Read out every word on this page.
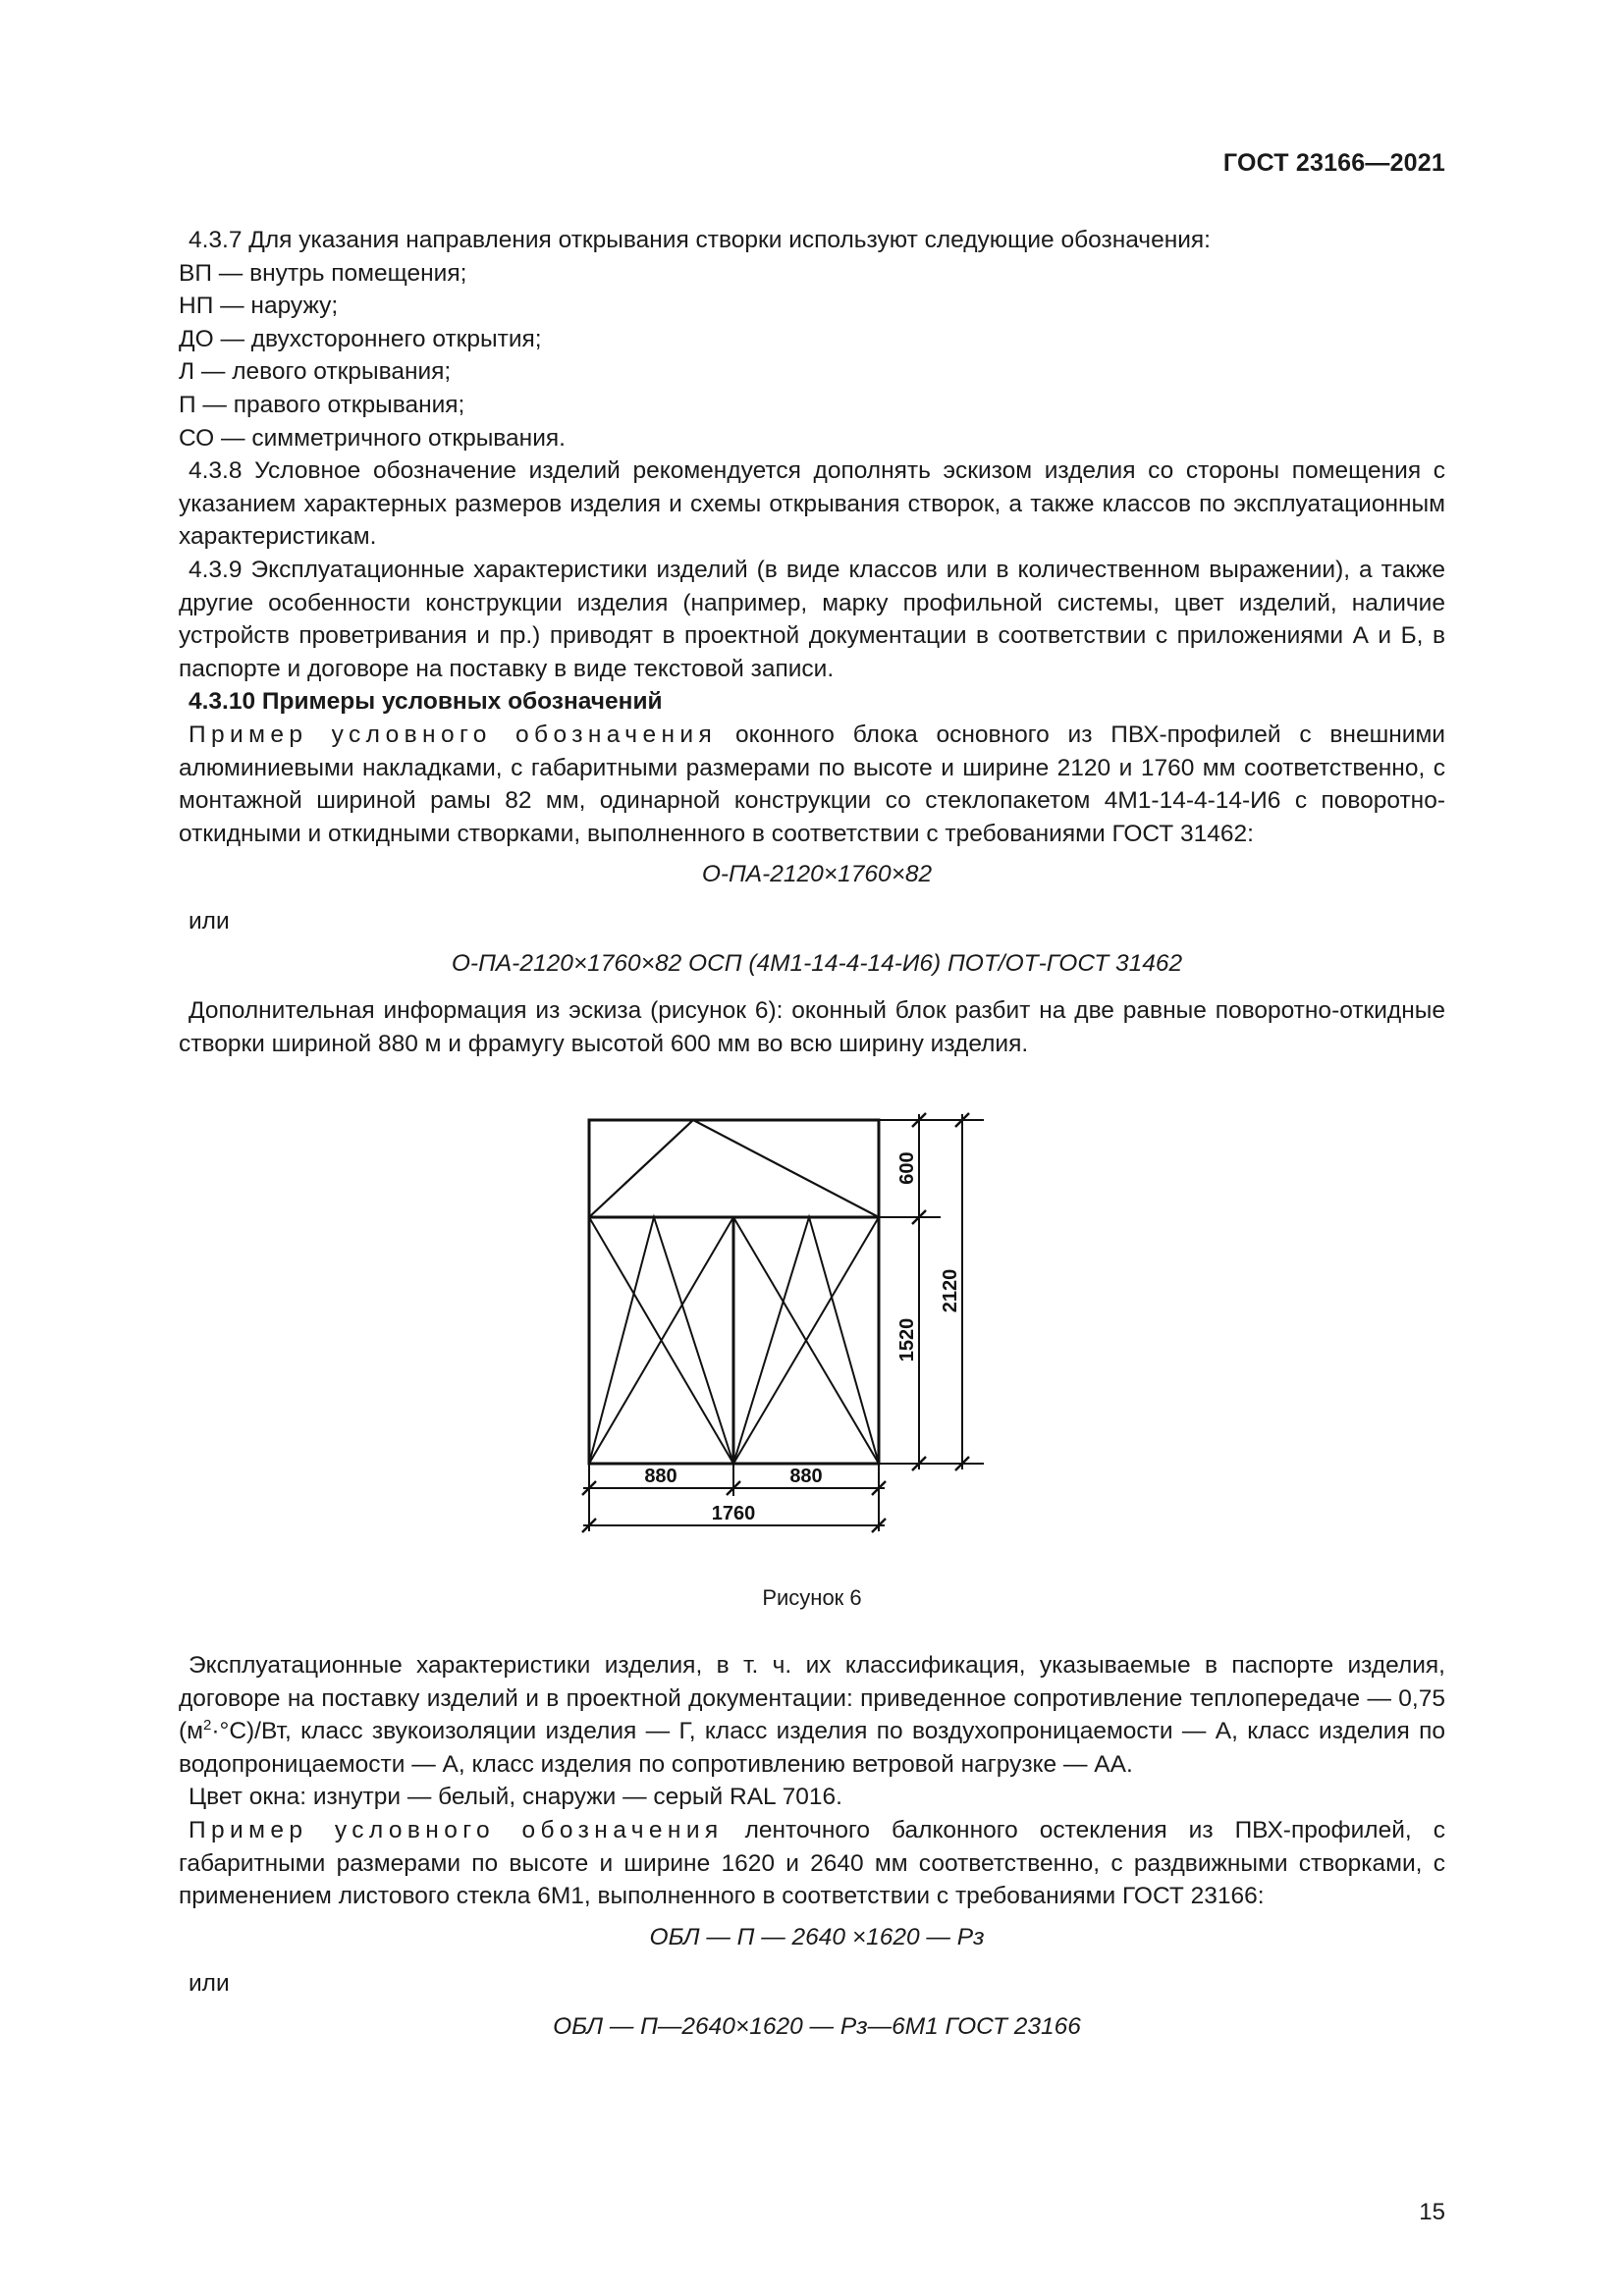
ГОСТ 23166—2021

4.3.7 Для указания направления открывания створки используют следующие обозначения:

ВП — внутрь помещения;

НП — наружу;

ДО — двухстороннего открытия;

Л — левого открывания;

П — правого открывания;

СО — симметричного открывания.

4.3.8 Условное обозначение изделий рекомендуется дополнять эскизом изделия со стороны помещения с указанием характерных размеров изделия и схемы открывания створок, а также классов по эксплуатационным характеристикам.

4.3.9 Эксплуатационные характеристики изделий (в виде классов или в количественном выражении), а также другие особенности конструкции изделия (например, марку профильной системы, цвет изделий, наличие устройств проветривания и пр.) приводят в проектной документации в соответствии с приложениями А и Б, в паспорте и договоре на поставку в виде текстовой записи.

4.3.10 Примеры условных обозначений

Пример условного обозначения оконного блока основного из ПВХ-профилей с внешними алюминиевыми накладками, с габаритными размерами по высоте и ширине 2120 и 1760 мм соответственно, с монтажной шириной рамы 82 мм, одинарной конструкции со стеклопакетом 4М1-14-4-14-И6 с поворотно-откидными и откидными створками, выполненного в соответствии с требованиями ГОСТ 31462:

О-ПА-2120×1760×82

или

О-ПА-2120×1760×82 ОСП (4М1-14-4-14-И6) ПОТ/ОТ-ГОСТ 31462

Дополнительная информация из эскиза (рисунок 6): оконный блок разбит на две равные поворотно-откидные створки шириной 880 м и фрамугу высотой 600 мм во всю ширину изделия.

600
1520
2120
880	880
1760
Рисунок 6

Эксплуатационные характеристики изделия, в т. ч. их классификация, указываемые в паспорте изделия, договоре на поставку изделий и в проектной документации: приведенное сопротивление теплопередаче — 0,75 $(м^2\cdot^\circ С)/Вт$, класс звукоизоляции изделия — Г, класс изделия по воздухопроницаемости — А, класс изделия по водопроницаемости — А, класс изделия по сопротивлению ветровой нагрузке — АА.

Цвет окна: изнутри — белый, снаружи — серый RAL 7016.

Пример условного обозначения ленточного балконного остекления из ПВХ-профилей, с габаритными размерами по высоте и ширине 1620 и 2640 мм соответственно, с раздвижными створками, с применением листового стекла 6М1, выполненного в соответствии с требованиями ГОСТ 23166:

ОБЛ — П — 2640 ×1620 — Рз

или

ОБЛ — П—2640×1620 — Рз—6М1 ГОСТ 23166

15
